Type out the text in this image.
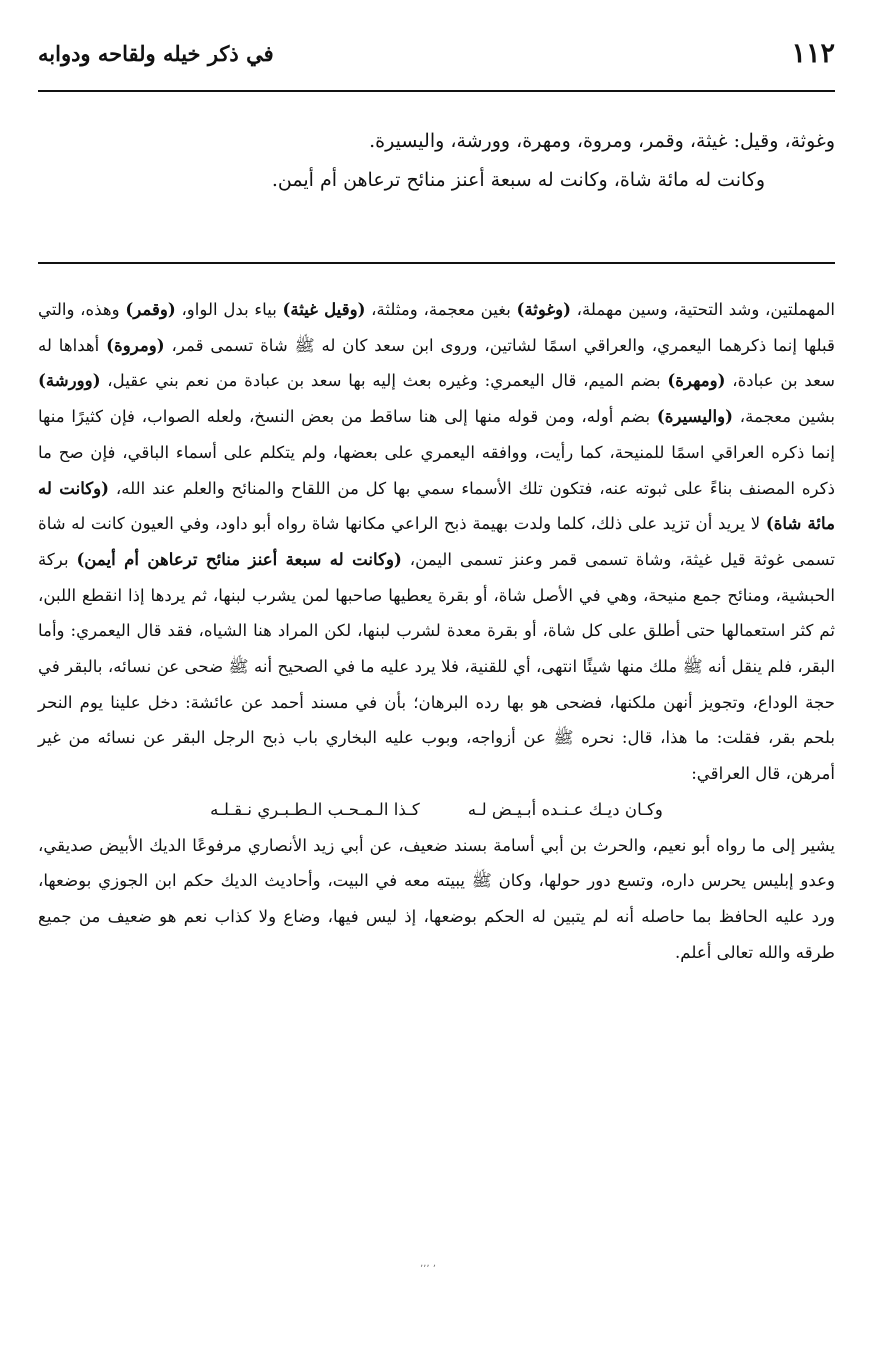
١١٢
في ذكر خيله ولقاحه ودوابه

وغوثة، وقيل: غيثة، وقمر، ومروة، ومهرة، وورشة، واليسيرة.

وكانت له مائة شاة، وكانت له سبعة أعنز منائح ترعاهن أم أيمن.

المهملتين، وشد التحتية، وسين مهملة، (وغوثة) بغين معجمة، ومثلثة، (وقيل غيثة) بياء بدل الواو، (وقمر) وهذه، والتي قبلها إنما ذكرهما اليعمري، والعراقي اسمًا لشاتين، وروى ابن سعد كان له ﷺ شاة تسمى قمر، (ومروة) أهداها له سعد بن عبادة، (ومهرة) بضم الميم، قال اليعمري: وغيره بعث إليه بها سعد بن عبادة من نعم بني عقيل، (وورشة) بشين معجمة، (واليسيرة) بضم أوله، ومن قوله منها إلى هنا ساقط من بعض النسخ، ولعله الصواب، فإن كثيرًا منها إنما ذكره العراقي اسمًا للمنيحة، كما رأيت، ووافقه اليعمري على بعضها، ولم يتكلم على أسماء الباقي، فإن صح ما ذكره المصنف بناءً على ثبوته عنه، فتكون تلك الأسماء سمي بها كل من اللقاح والمنائح والعلم عند الله، (وكانت له مائة شاة) لا يريد أن تزيد على ذلك، كلما ولدت بهيمة ذبح الراعي مكانها شاة رواه أبو داود، وفي العيون كانت له شاة تسمى غوثة قيل غيثة، وشاة تسمى قمر وعنز تسمى اليمن، (وكانت له سبعة أعنز منائح ترعاهن أم أيمن) بركة الحبشية، ومنائح جمع منيحة، وهي في الأصل شاة، أو بقرة يعطيها صاحبها لمن يشرب لبنها، ثم يردها إذا انقطع اللبن، ثم كثر استعمالها حتى أطلق على كل شاة، أو بقرة معدة لشرب لبنها، لكن المراد هنا الشياه، فقد قال اليعمري: وأما البقر، فلم ينقل أنه ﷺ ملك منها شيئًا انتهى، أي للقنية، فلا يرد عليه ما في الصحيح أنه ﷺ ضحى عن نسائه، بالبقر في حجة الوداع، وتجويز أنهن ملكنها، فضحى هو بها رده البرهان؛ بأن في مسند أحمد عن عائشة: دخل علينا يوم النحر بلحم بقر، فقلت: ما هذا، قال: نحره ﷺ عن أزواجه، وبوب عليه البخاري باب ذبح الرجل البقر عن نسائه من غير أمرهن، قال العراقي:

وكـان ديـك عـنـده أبـيـض لـه
كـذا الـمـحـب الـطـبـري نـقـلـه

يشير إلى ما رواه أبو نعيم، والحرث بن أبي أسامة بسند ضعيف، عن أبي زيد الأنصاري مرفوعًا الديك الأبيض صديقي، وعدو إبليس يحرس داره، وتسع دور حولها، وكان ﷺ يبيته معه في البيت، وأحاديث الديك حكم ابن الجوزي بوضعها، ورد عليه الحافظ بما حاصله أنه لم يتبين له الحكم بوضعها، إذ ليس فيها، وضاع ولا كذاب نعم هو ضعيف من جميع طرقه والله تعالى أعلم.

٬ ٬٬٬
